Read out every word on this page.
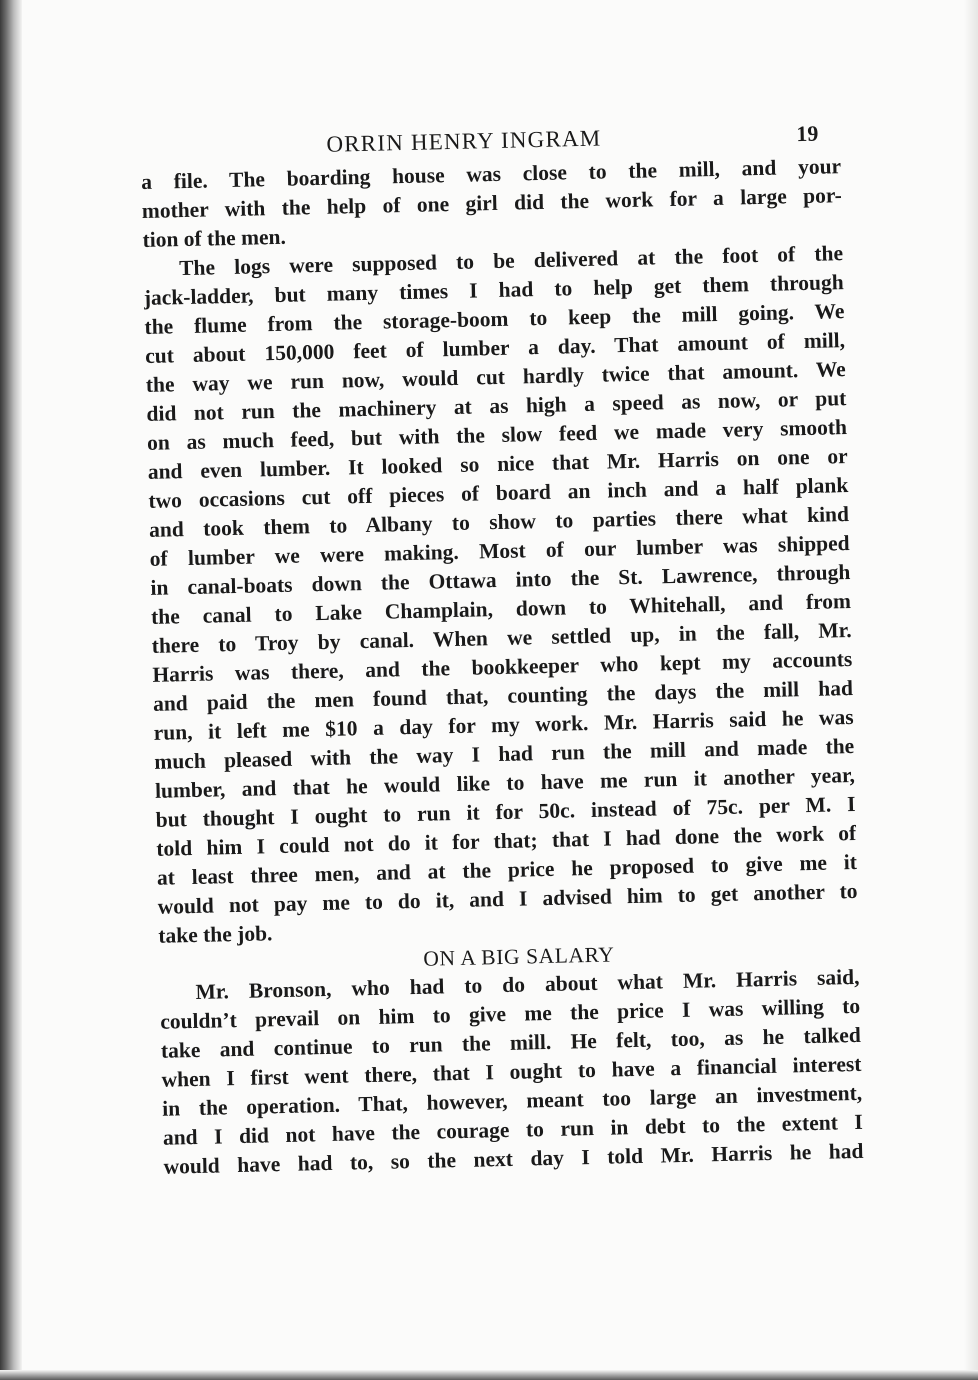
ORRIN HENRY INGRAM	19
a file. The boarding house was close to the mill, and your
mother with the help of one girl did the work for a large por-
tion of the men.
The logs were supposed to be delivered at the foot of the
jack-ladder, but many times I had to help get them through
the flume from the storage-boom to keep the mill going. We
cut about 150,000 feet of lumber a day. That amount of mill,
the way we run now, would cut hardly twice that amount. We
did not run the machinery at as high a speed as now, or put
on as much feed, but with the slow feed we made very smooth
and even lumber. It looked so nice that Mr. Harris on one or
two occasions cut off pieces of board an inch and a half plank
and took them to Albany to show to parties there what kind
of lumber we were making. Most of our lumber was shipped
in canal-boats down the Ottawa into the St. Lawrence, through
the canal to Lake Champlain, down to Whitehall, and from
there to Troy by canal. When we settled up, in the fall, Mr.
Harris was there, and the bookkeeper who kept my accounts
and paid the men found that, counting the days the mill had
run, it left me $10 a day for my work. Mr. Harris said he was
much pleased with the way I had run the mill and made the
lumber, and that he would like to have me run it another year,
but thought I ought to run it for 50c. instead of 75c. per M. I
told him I could not do it for that; that I had done the work of
at least three men, and at the price he proposed to give me it
would not pay me to do it, and I advised him to get another to
take the job.
ON A BIG SALARY
Mr. Bronson, who had to do about what Mr. Harris said,
couldn’t prevail on him to give me the price I was willing to
take and continue to run the mill. He felt, too, as he talked
when I first went there, that I ought to have a financial interest
in the operation. That, however, meant too large an investment,
and I did not have the courage to run in debt to the extent I
would have had to, so the next day I told Mr. Harris he had
